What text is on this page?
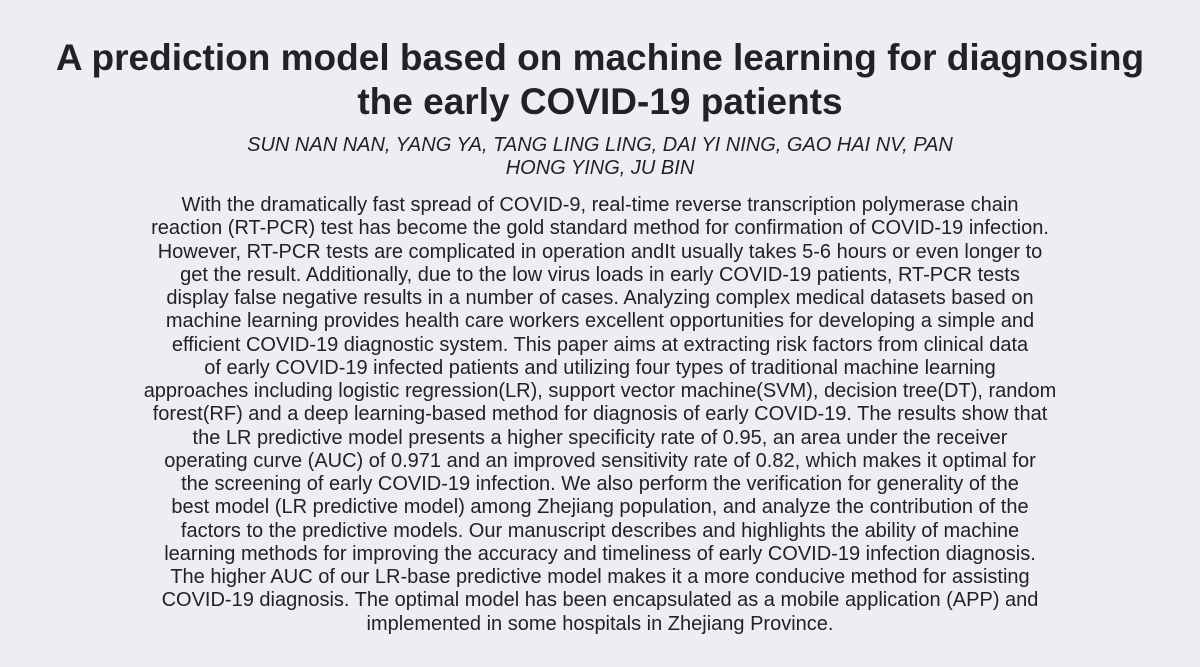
A prediction model based on machine learning for diagnosing
the early COVID-19 patients
SUN NAN NAN, YANG YA, TANG LING LING, DAI YI NING, GAO HAI NV, PAN
HONG YING, JU BIN
With the dramatically fast spread of COVID-9, real-time reverse transcription polymerase chain
reaction (RT-PCR) test has become the gold standard method for confirmation of COVID-19 infection.
However, RT-PCR tests are complicated in operation andIt usually takes 5-6 hours or even longer to
get the result. Additionally, due to the low virus loads in early COVID-19 patients, RT-PCR tests
display false negative results in a number of cases. Analyzing complex medical datasets based on
machine learning provides health care workers excellent opportunities for developing a simple and
efficient COVID-19 diagnostic system. This paper aims at extracting risk factors from clinical data
of early COVID-19 infected patients and utilizing four types of traditional machine learning
approaches including logistic regression(LR), support vector machine(SVM), decision tree(DT), random
forest(RF) and a deep learning-based method for diagnosis of early COVID-19. The results show that
the LR predictive model presents a higher specificity rate of 0.95, an area under the receiver
operating curve (AUC) of 0.971 and an improved sensitivity rate of 0.82, which makes it optimal for
the screening of early COVID-19 infection. We also perform the verification for generality of the
best model (LR predictive model) among Zhejiang population, and analyze the contribution of the
factors to the predictive models. Our manuscript describes and highlights the ability of machine
learning methods for improving the accuracy and timeliness of early COVID-19 infection diagnosis.
The higher AUC of our LR-base predictive model makes it a more conducive method for assisting
COVID-19 diagnosis. The optimal model has been encapsulated as a mobile application (APP) and
implemented in some hospitals in Zhejiang Province.
